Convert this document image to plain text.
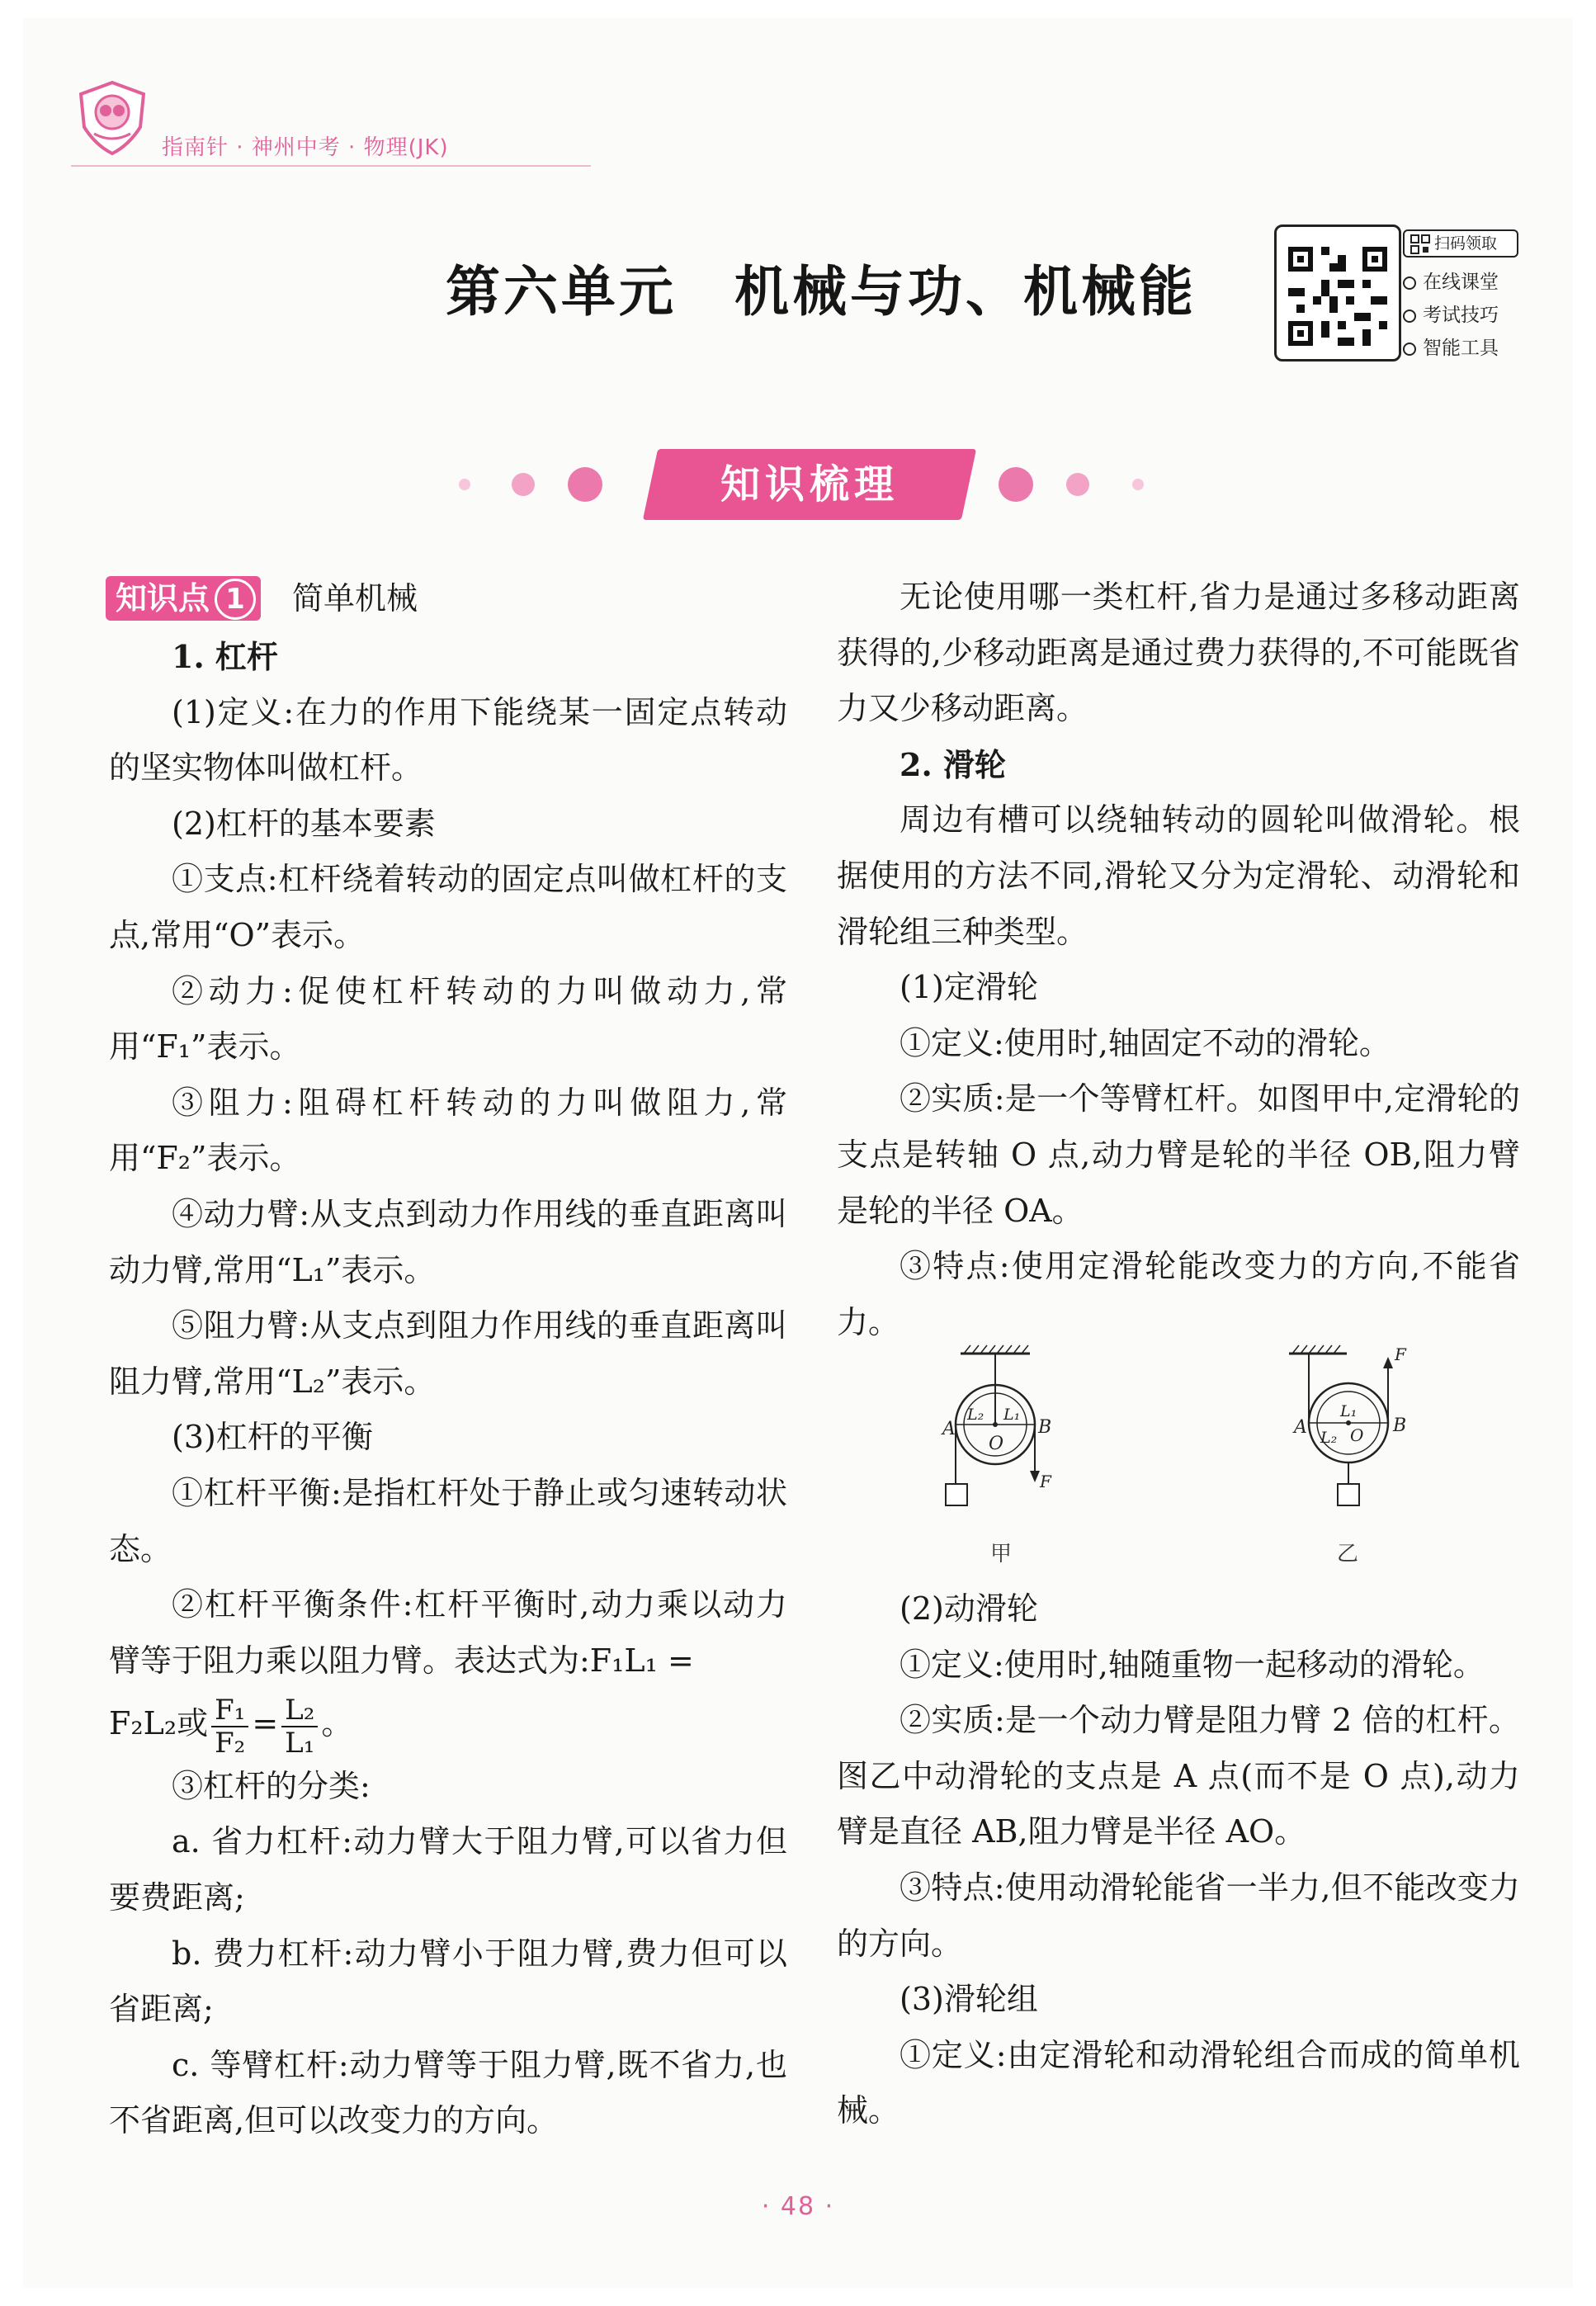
指南针 · 神州中考 · 物理(JK)
第六单元 机械与功、机械能
扫码领取
在线课堂
考试技巧
智能工具
知识梳理
知识点 1	简单机械

1. 杠杆

(1)定义:在力的作用下能绕某一固定点转动的坚实物体叫做杠杆。

(2)杠杆的基本要素

①支点:杠杆绕着转动的固定点叫做杠杆的支点,常用“O”表示。

②动力:促使杠杆转动的力叫做动力,常用“F₁”表示。

③阻力:阻碍杠杆转动的力叫做阻力,常用“F₂”表示。

④动力臂:从支点到动力作用线的垂直距离叫动力臂,常用“L₁”表示。

⑤阻力臂:从支点到阻力作用线的垂直距离叫阻力臂,常用“L₂”表示。

(3)杠杆的平衡

①杠杆平衡:是指杠杆处于静止或匀速转动状态。

②杠杆平衡条件:杠杆平衡时,动力乘以动力臂等于阻力乘以阻力臂。表达式为:F₁L₁ =

F₂L₂或 $\frac{\text{F₁}}{\text{F₂}} = \frac{\text{L₂}}{\text{L₁}}$ 。

③杠杆的分类:

a. 省力杠杆:动力臂大于阻力臂,可以省力但要费距离;

b. 费力杠杆:动力臂小于阻力臂,费力但可以省距离;

c. 等臂杠杆:动力臂等于阻力臂,既不省力,也不省距离,但可以改变力的方向。

无论使用哪一类杠杆,省力是通过多移动距离获得的,少移动距离是通过费力获得的,不可能既省力又少移动距离。

2. 滑轮

周边有槽可以绕轴转动的圆轮叫做滑轮。根据使用的方法不同,滑轮又分为定滑轮、动滑轮和滑轮组三种类型。

(1)定滑轮

①定义:使用时,轴固定不动的滑轮。

②实质:是一个等臂杠杆。如图甲中,定滑轮的支点是转轴 O 点,动力臂是轮的半径 OB,阻力臂是轮的半径 OA。

③特点:使用定滑轮能改变力的方向,不能省力。

A	B
O
L₂ L₁
F
甲
A	B
O
L₁
L₂
F
乙

(2)动滑轮

①定义:使用时,轴随重物一起移动的滑轮。

②实质:是一个动力臂是阻力臂 2 倍的杠杆。图乙中动滑轮的支点是 A 点(而不是 O 点),动力臂是直径 AB,阻力臂是半径 AO。

③特点:使用动滑轮能省一半力,但不能改变力的方向。

(3)滑轮组

①定义:由定滑轮和动滑轮组合而成的简单机械。

· 48 ·
